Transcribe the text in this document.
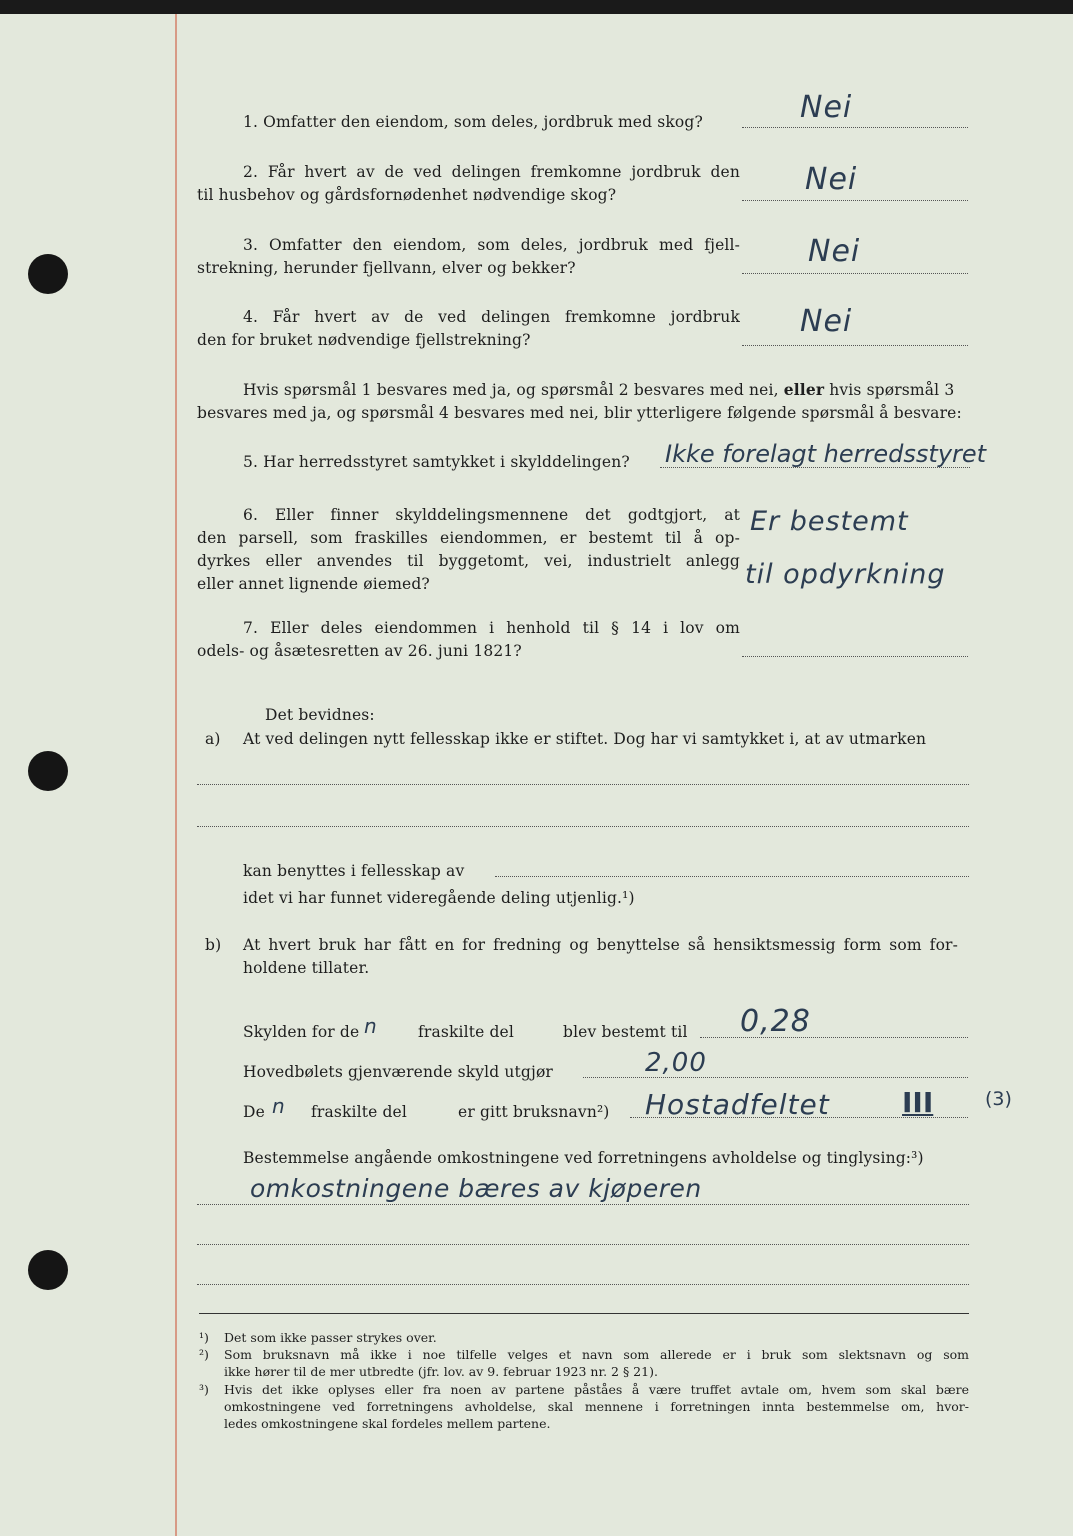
1. Omfatter den eiendom, som deles, jordbruk med skog?	Nei
2. Får hvert av de ved delingen fremkomne jordbruk den
til husbehov og gårdsfornødenhet nødvendige skog?	Nei
3. Omfatter den eiendom, som deles, jordbruk med fjell-
strekning, herunder fjellvann, elver og bekker?	Nei
4. Får hvert av de ved delingen fremkomne jordbruk
den for bruket nødvendige fjellstrekning?
Nei
Hvis spørsmål 1 besvares med ja, og spørsmål 2 besvares med nei, eller hvis spørsmål 3
besvares med ja, og spørsmål 4 besvares med nei, blir ytterligere følgende spørsmål å besvare:
5. Har herredsstyret samtykket i skylddelingen? Ikke forelagt herredsstyret
6. Eller finner skylddelingsmennene det godtgjort, at
den parsell, som fraskilles eiendommen, er bestemt til å op-
dyrkes eller anvendes til byggetomt, vei, industrielt anlegg
eller annet lignende øiemed?
Er bestemt
til opdyrkning
7. Eller deles eiendommen i henhold til § 14 i lov om
odels- og åsætesretten av 26. juni 1821?
Det bevidnes:
a) At ved delingen nytt fellesskap ikke er stiftet. Dog har vi samtykket i, at av utmarken
kan benyttes i fellesskap av
idet vi har funnet videregående deling utjenlig.¹)
b) At hvert bruk har fått en for fredning og benyttelse så hensiktsmessig form som for-
holdene tillater.
Skylden for de n	fraskilte del	blev bestemt til 0,28
Hovedbølets gjenværende skyld utgjør	2,00
De n fraskilte del	er gitt bruksnavn²) Hostadfeltet	III	(3)
Bestemmelse angående omkostningene ved forretningens avholdelse og tinglysing:³)
omkostningene bæres av kjøperen
¹) Det som ikke passer strykes over.
²) Som bruksnavn må ikke i noe tilfelle velges et navn som allerede er i bruk som slektsnavn og som
ikke hører til de mer utbredte (jfr. lov. av 9. februar 1923 nr. 2 § 21).
³) Hvis det ikke oplyses eller fra noen av partene påståes å være truffet avtale om, hvem som skal bære
omkostningene ved forretningens avholdelse, skal mennene i forretningen innta bestemmelse om, hvor-
ledes omkostningene skal fordeles mellem partene.
